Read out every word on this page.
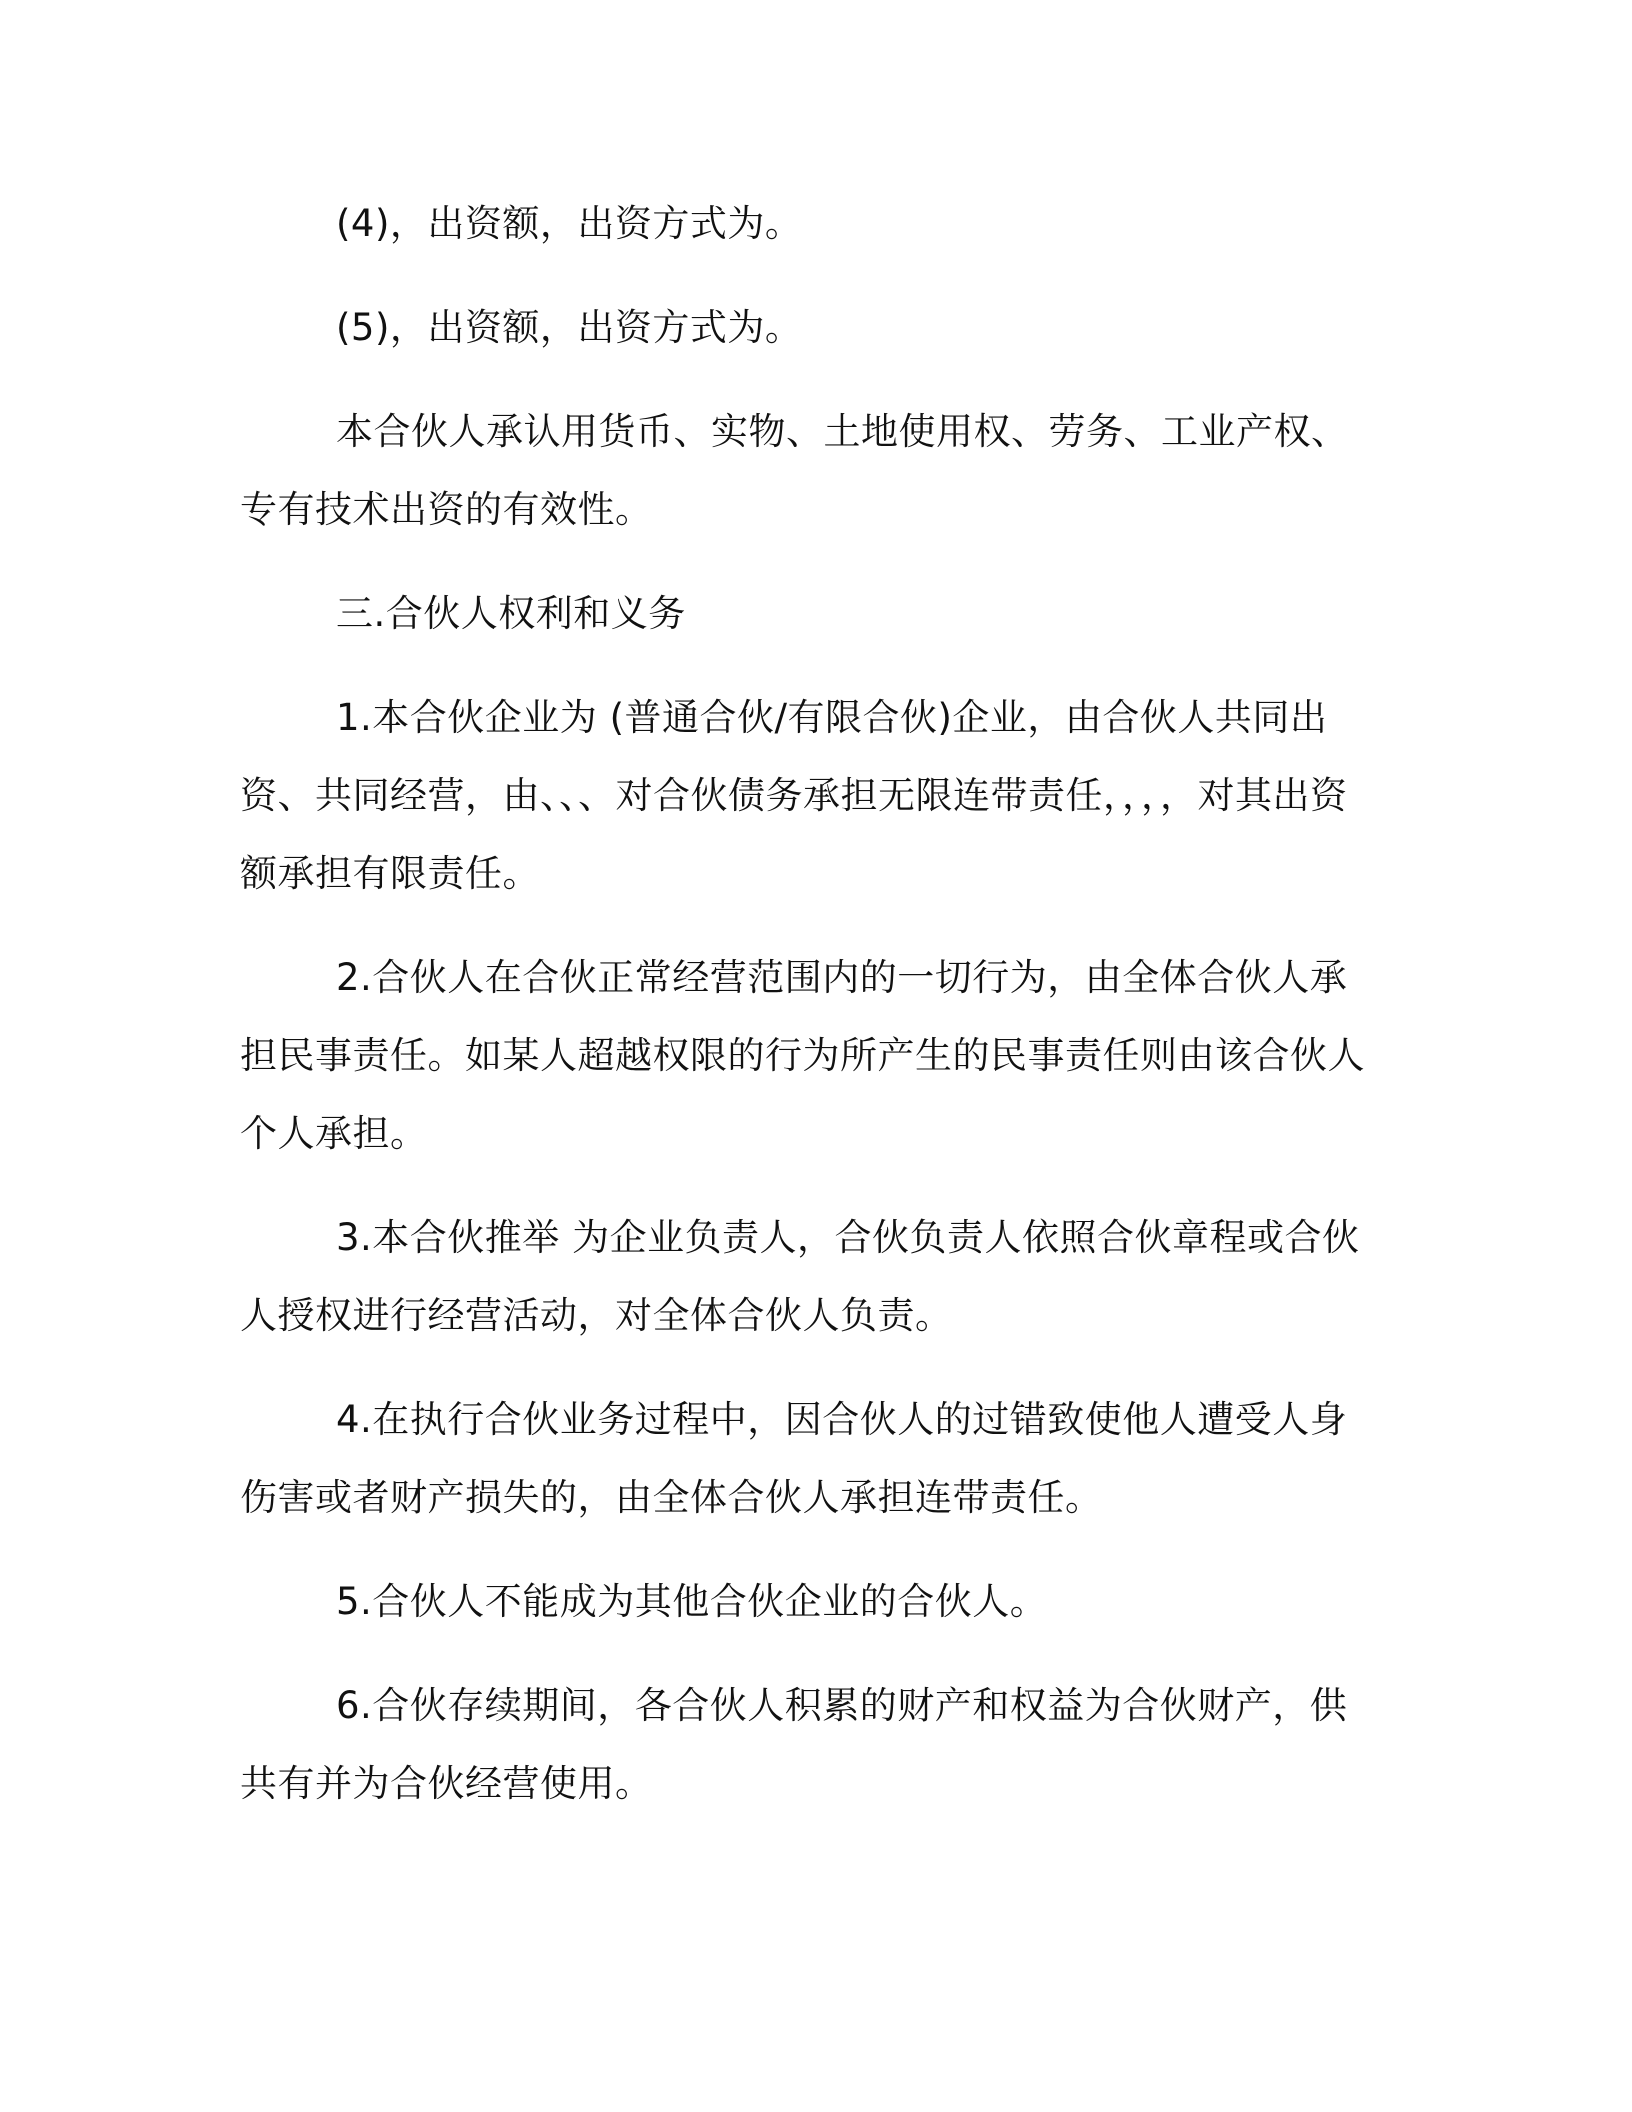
(4)，出资额，出资方式为。

(5)，出资额，出资方式为。

本合伙人承认用货币、实物、土地使用权、劳务、工业产权、专有技术出资的有效性。

三.合伙人权利和义务

1.本合伙企业为 (普通合伙/有限合伙)企业，由合伙人共同出资、共同经营，由、、、对合伙债务承担无限连带责任，，，，对其出资额承担有限责任。

2.合伙人在合伙正常经营范围内的一切行为，由全体合伙人承担民事责任。如某人超越权限的行为所产生的民事责任则由该合伙人个人承担。

3.本合伙推举 为企业负责人，合伙负责人依照合伙章程或合伙人授权进行经营活动，对全体合伙人负责。

4.在执行合伙业务过程中，因合伙人的过错致使他人遭受人身伤害或者财产损失的，由全体合伙人承担连带责任。

5.合伙人不能成为其他合伙企业的合伙人。

6.合伙存续期间，各合伙人积累的财产和权益为合伙财产，供共有并为合伙经营使用。
